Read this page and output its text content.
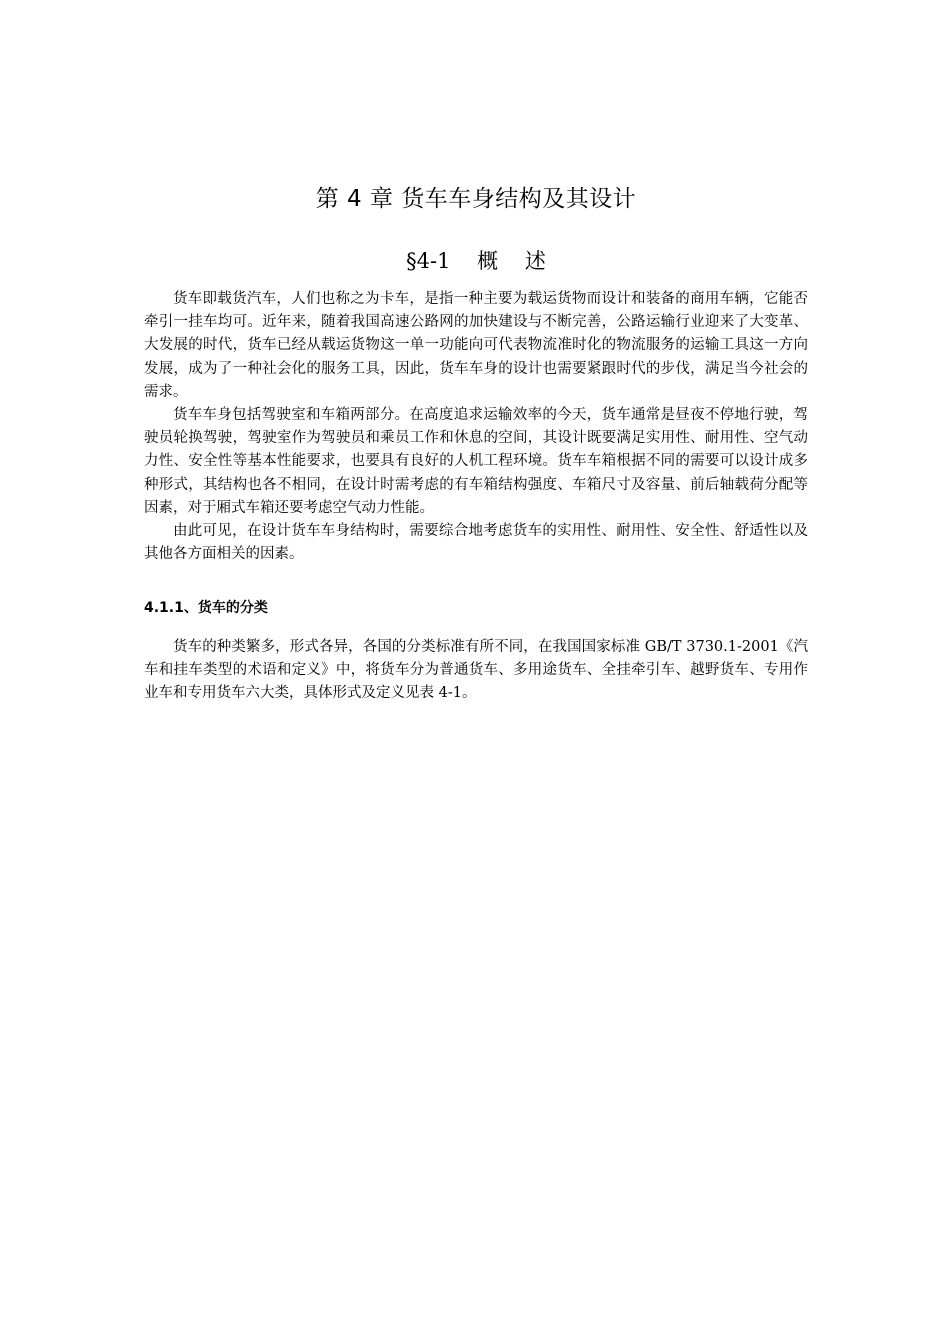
第 4 章 货车车身结构及其设计
§4-1    概    述

货车即载货汽车，人们也称之为卡车，是指一种主要为载运货物而设计和装备的商用车辆，它能否牵引一挂车均可。近年来，随着我国高速公路网的加快建设与不断完善，公路运输行业迎来了大变革、大发展的时代，货车已经从载运货物这一单一功能向可代表物流准时化的物流服务的运输工具这一方向发展，成为了一种社会化的服务工具，因此，货车车身的设计也需要紧跟时代的步伐，满足当今社会的需求。

货车车身包括驾驶室和车箱两部分。在高度追求运输效率的今天，货车通常是昼夜不停地行驶，驾驶员轮换驾驶，驾驶室作为驾驶员和乘员工作和休息的空间，其设计既要满足实用性、耐用性、空气动力性、安全性等基本性能要求，也要具有良好的人机工程环境。货车车箱根据不同的需要可以设计成多种形式，其结构也各不相同，在设计时需考虑的有车箱结构强度、车箱尺寸及容量、前后轴载荷分配等因素，对于厢式车箱还要考虑空气动力性能。

由此可见，在设计货车车身结构时，需要综合地考虑货车的实用性、耐用性、安全性、舒适性以及其他各方面相关的因素。

4.1.1、货车的分类

货车的种类繁多，形式各异，各国的分类标准有所不同，在我国国家标准 GB/T 3730.1-2001《汽车和挂车类型的术语和定义》中，将货车分为普通货车、多用途货车、全挂牵引车、越野货车、专用作业车和专用货车六大类，具体形式及定义见表 4-1。
